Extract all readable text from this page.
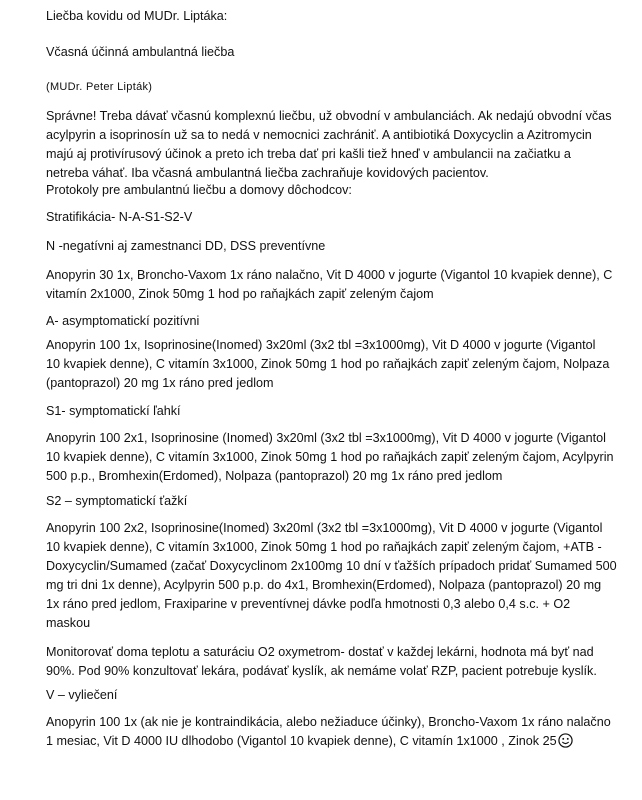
Liečba kovidu od MUDr. Liptáka:
Včasná účinná ambulantná liečba
(MUDr. Peter Lipták)
Správne! Treba dávať včasnú komplexnú liečbu, už obvodní v ambulanciách. Ak nedajú obvodní včas
acylpyrin a isoprinosín už sa to nedá v nemocnici zachrániť. A antibiotiká Doxycyclin a Azitromycin
majú aj protivírusový účinok a preto ich treba dať pri kašli tiež hneď v ambulancii na začiatku a
netreba váhať. Iba včasná ambulantná liečba zachraňuje kovidových pacientov.
Protokoly pre ambulantnú liečbu a domovy dôchodcov:
Stratifikácia- N-A-S1-S2-V
N -negatívni aj zamestnanci DD, DSS preventívne
Anopyrin 30 1x, Broncho-Vaxom 1x ráno nalačno, Vit D 4000 v jogurte (Vigantol 10 kvapiek denne), C
vitamín 2x1000, Zinok 50mg 1 hod po raňajkách zapiť zeleným čajom
A- asymptomatickí pozitívni
Anopyrin 100 1x, Isoprinosine(Inomed) 3x20ml (3x2 tbl =3x1000mg), Vit D 4000 v jogurte (Vigantol
10 kvapiek denne), C vitamín 3x1000, Zinok 50mg 1 hod po raňajkách zapiť zeleným čajom, Nolpaza
(pantoprazol) 20 mg 1x ráno pred jedlom
S1- symptomatickí ľahkí
Anopyrin 100 2x1, Isoprinosine (Inomed) 3x20ml (3x2 tbl =3x1000mg), Vit D 4000 v jogurte (Vigantol
10 kvapiek denne), C vitamín 3x1000, Zinok 50mg 1 hod po raňajkách zapiť zeleným čajom, Acylpyrin
500 p.p., Bromhexin(Erdomed), Nolpaza (pantoprazol) 20 mg 1x ráno pred jedlom
S2 – symptomatickí ťažkí
Anopyrin 100 2x2, Isoprinosine(Inomed) 3x20ml (3x2 tbl =3x1000mg), Vit D 4000 v jogurte (Vigantol
10 kvapiek denne), C vitamín 3x1000, Zinok 50mg 1 hod po raňajkách zapiť zeleným čajom, +ATB -
Doxycyclin/Sumamed (začať Doxycyclinom 2x100mg 10 dní v ťažších prípadoch pridať Sumamed 500
mg tri dni 1x denne), Acylpyrin 500 p.p. do 4x1, Bromhexin(Erdomed), Nolpaza (pantoprazol) 20 mg
1x ráno pred jedlom, Fraxiparine v preventívnej dávke podľa hmotnosti 0,3 alebo 0,4 s.c. + O2
maskou
Monitorovať doma teplotu a saturáciu O2 oxymetrom- dostať v každej lekárni, hodnota má byť nad
90%. Pod 90% konzultovať lekára, podávať kyslík, ak nemáme volať RZP, pacient potrebuje kyslík.
V – vyliečení
Anopyrin 100 1x (ak nie je kontraindikácia, alebo nežiaduce účinky), Broncho-Vaxom 1x ráno nalačno
1 mesiac, Vit D 4000 IU dlhodobo (Vigantol 10 kvapiek denne), C vitamín 1x1000 , Zinok 25
